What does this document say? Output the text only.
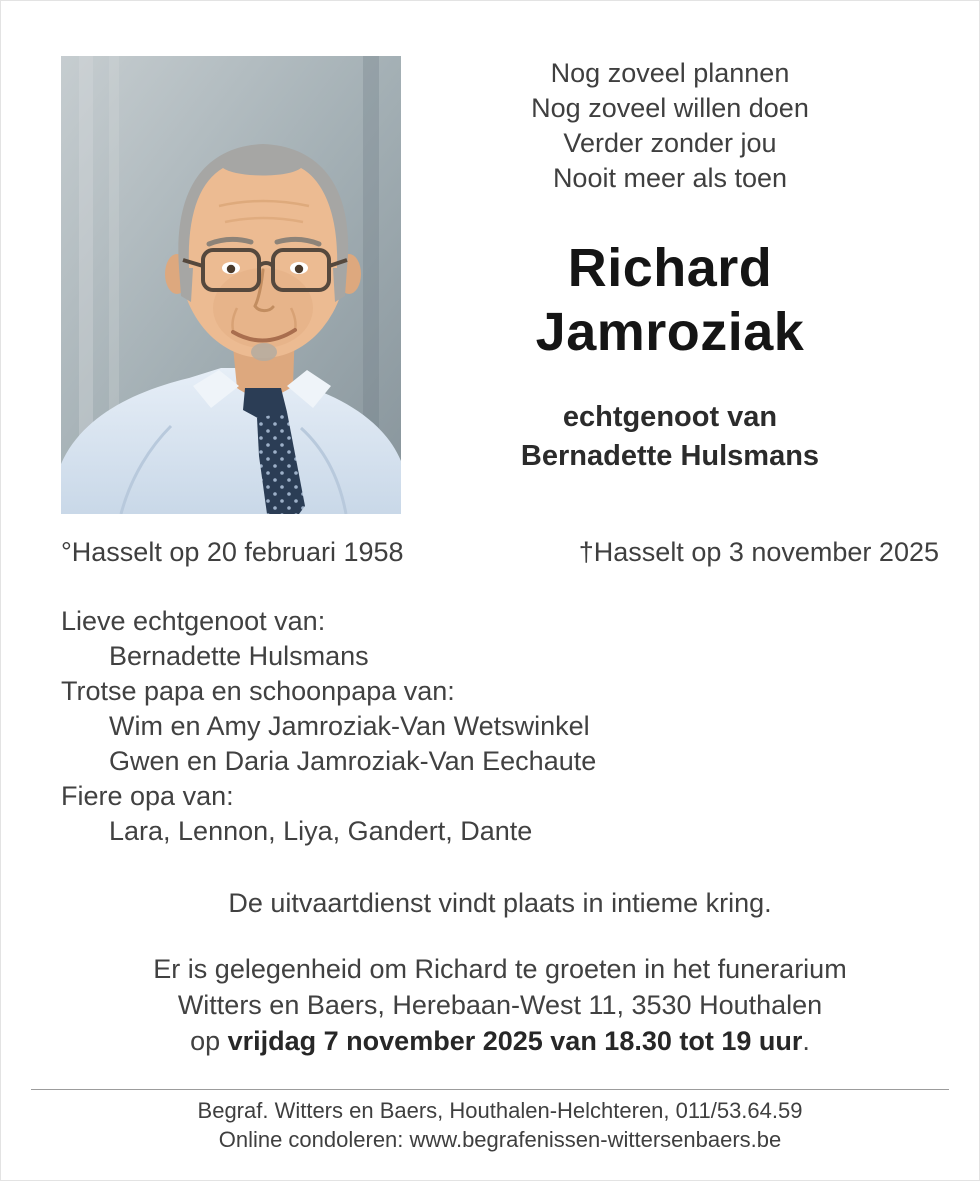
Nog zoveel plannen
Nog zoveel willen doen
Verder zonder jou
Nooit meer als toen
Richard
Jamroziak
echtgenoot van
Bernadette Hulsmans
°Hasselt op 20 februari 1958	†Hasselt op 3 november 2025
Lieve echtgenoot van:
Bernadette Hulsmans
Trotse papa en schoonpapa van:
Wim en Amy Jamroziak-Van Wetswinkel
Gwen en Daria Jamroziak-Van Eechaute
Fiere opa van:
Lara, Lennon, Liya, Gandert, Dante

De uitvaartdienst vindt plaats in intieme kring.

Er is gelegenheid om Richard te groeten in het funerarium
Witters en Baers, Herebaan-West 11, 3530 Houthalen
op vrijdag 7 november 2025 van 18.30 tot 19 uur.

Begraf. Witters en Baers, Houthalen-Helchteren, 011/53.64.59
Online condoleren: www.begrafenissen-wittersenbaers.be
